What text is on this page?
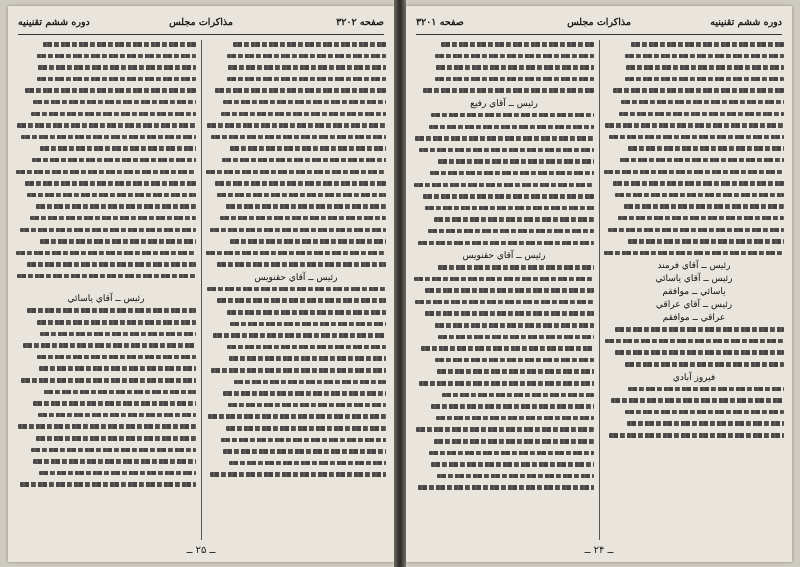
صفحه ۳۲۰۲
مذاکرات مجلس
دوره ششم تقنينيه
رئيس ــ آقاي حقنويس
رئيس ــ آقاي ياسائي
ــ ۲۵ ــ
دوره ششم تقنينيه
مذاکرات مجلس
صفحه ۳۲۰۱
رئيس ــ آقاي فرمند
رئيس ــ آقاي ياسائي
ياسائي ــ موافقم
رئيس ــ آقاي عراقي
عراقي ــ موافقم
فيروز آبادي
رئيس ــ آقاي رفيع
رئيس ــ آقاي حقنويس
ــ ۲۴ ــ
